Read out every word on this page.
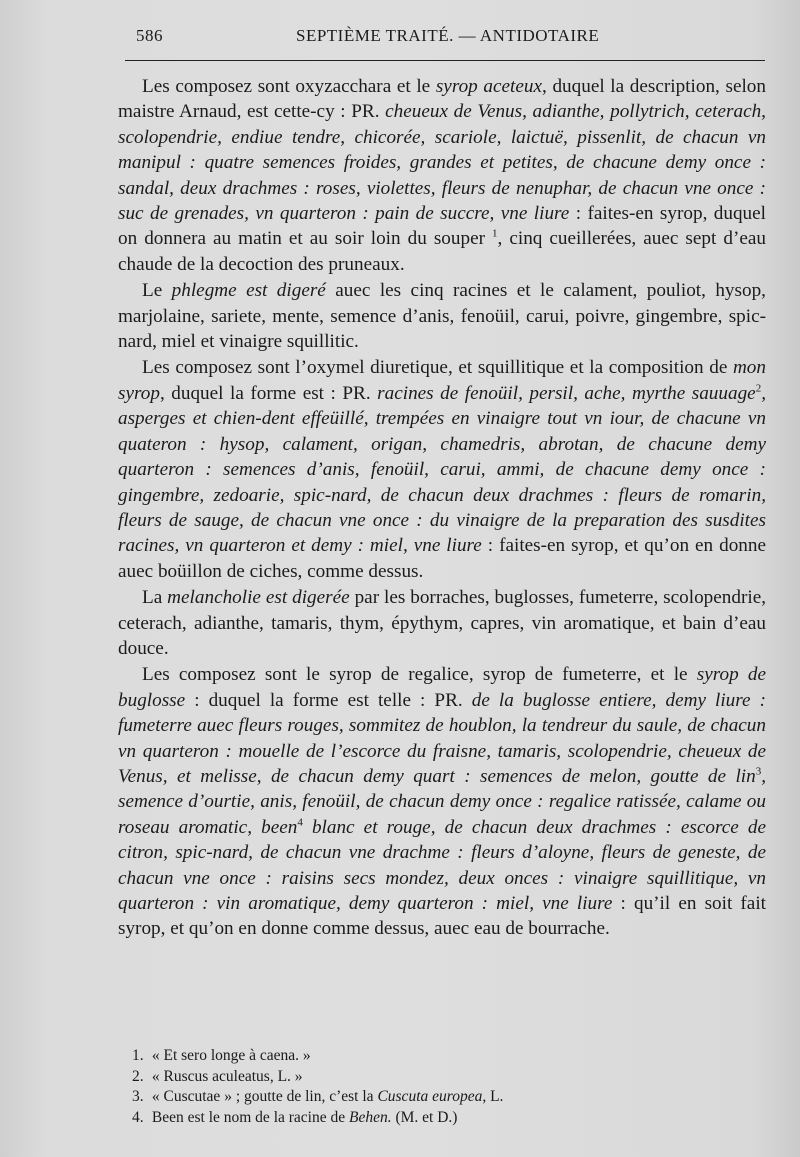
586	SEPTIÈME TRAITÉ. — ANTIDOTAIRE

Les composez sont oxyzacchara et le syrop aceteux, duquel la description, selon maistre Arnaud, est cette-cy : PR. cheueux de Venus, adianthe, pollytrich, ceterach, scolopendrie, endiue tendre, chicorée, scariole, laictuë, pissenlit, de chacun vn manipul : quatre semences froides, grandes et petites, de chacune demy once : sandal, deux drachmes : roses, violettes, fleurs de nenuphar, de chacun vne once : suc de grenades, vn quarteron : pain de succre, vne liure : faites-en syrop, duquel on donnera au matin et au soir loin du souper $^1$, cinq cueillerées, auec sept d’eau chaude de la decoction des pruneaux.

Le phlegme est digeré auec les cinq racines et le calament, pouliot, hysop, marjolaine, sariete, mente, semence d’anis, fenoüil, carui, poivre, gingembre, spic-nard, miel et vinaigre squillitic.

Les composez sont l’oxymel diuretique, et squillitique et la composition de mon syrop, duquel la forme est : PR. racines de fenoüil, persil, ache, myrthe sauuage$^2$, asperges et chien-dent effeüillé, trempées en vinaigre tout vn iour, de chacune vn quateron : hysop, calament, origan, chamedris, abrotan, de chacune demy quarteron : semences d’anis, fenoüil, carui, ammi, de chacune demy once : gingembre, zedoarie, spic-nard, de chacun deux drachmes : fleurs de romarin, fleurs de sauge, de chacun vne once : du vinaigre de la preparation des susdites racines, vn quarteron et demy : miel, vne liure : faites-en syrop, et qu’on en donne auec boüillon de ciches, comme dessus.

La melancholie est digerée par les borraches, buglosses, fumeterre, scolopendrie, ceterach, adianthe, tamaris, thym, épythym, capres, vin aromatique, et bain d’eau douce.

Les composez sont le syrop de regalice, syrop de fumeterre, et le syrop de buglosse : duquel la forme est telle : PR. de la buglosse entiere, demy liure : fumeterre auec fleurs rouges, sommitez de houblon, la tendreur du saule, de chacun vn quarteron : mouelle de l’escorce du fraisne, tamaris, scolopendrie, cheueux de Venus, et melisse, de chacun demy quart : semences de melon, goutte de lin$^3$, semence d’ourtie, anis, fenoüil, de chacun demy once : regalice ratissée, calame ou roseau aromatic, been$^4$ blanc et rouge, de chacun deux drachmes : escorce de citron, spic-nard, de chacun vne drachme : fleurs d’aloyne, fleurs de geneste, de chacun vne once : raisins secs mondez, deux onces : vinaigre squillitique, vn quarteron : vin aromatique, demy quarteron : miel, vne liure : qu’il en soit fait syrop, et qu’on en donne comme dessus, auec eau de bourrache.

1. « Et sero longe à caena. »
2. « Ruscus aculeatus, L. »
3. « Cuscutae » ; goutte de lin, c’est la Cuscuta europea, L.
4. Been est le nom de la racine de Behen. (M. et D.)
